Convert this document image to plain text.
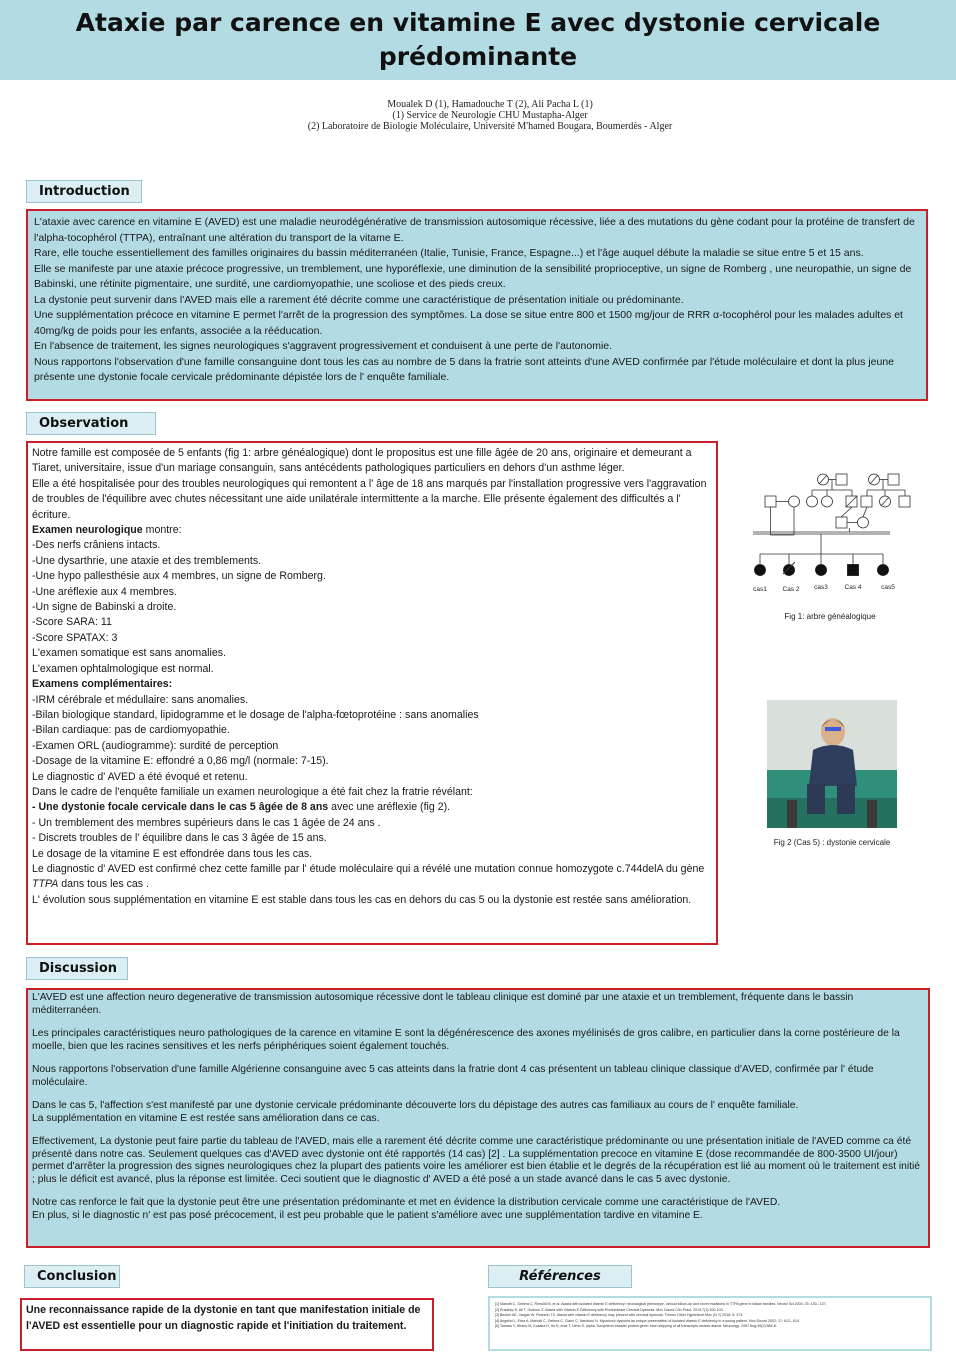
Ataxie par carence en vitamine E avec dystonie cervicale
prédominante
Moualek D (1), Hamadouche T (2), Ali Pacha L (1)
(1) Service de Neurologie CHU Mustapha-Alger
(2) Laboratoire de Biologie Moléculaire, Université M'hamed Bougara, Boumerdès - Alger
Introduction

L'ataxie avec carence en vitamine E (AVED) est une maladie neurodégénérative de transmission autosomique récessive, liée a des mutations du gène codant pour la protéine de transfert de l'alpha-tocophérol (TTPA), entraînant une altération du transport de la vitame E.

Rare, elle touche essentiellement des familles originaires du bassin méditerranéen (Italie, Tunisie, France, Espagne...) et l'âge auquel débute la maladie se situe entre 5 et 15 ans.

Elle se manifeste par une ataxie précoce progressive, un tremblement, une hyporéflexie, une diminution de la sensibilité proprioceptive, un signe de Romberg , une neuropathie, un signe de Babinski, une rétinite pigmentaire, une surdité, une cardiomyopathie, une scoliose et des pieds creux.

La dystonie peut survenir dans l'AVED mais elle a rarement été décrite comme une caractéristique de présentation initiale ou prédominante.

Une supplémentation précoce en vitamine E permet l'arrêt de la progression des symptômes. La dose se situe entre 800 et 1500 mg/jour de RRR α-tocophérol pour les malades adultes et 40mg/kg de poids pour les enfants, associée a la rééducation.

En l'absence de traitement, les signes neurologiques s'aggravent progressivement et conduisent à une perte de l'autonomie.

Nous rapportons l'observation d'une famille consanguine dont tous les cas au nombre de 5 dans la fratrie sont atteints d'une AVED confirmée par l'étude moléculaire et dont la plus jeune présente une dystonie focale cervicale prédominante dépistée lors de l' enquête familiale.

Observation

Notre famille est composée de 5 enfants (fig 1: arbre généalogique) dont le propositus est une fille âgée de 20 ans, originaire et demeurant a Tiaret, universitaire, issue d'un mariage consanguin, sans antécédents pathologiques particuliers en dehors d'un asthme léger.

Elle a été hospitalisée pour des troubles neurologiques qui remontent a l' âge de 18 ans marqués par l'installation progressive vers l'aggravation de troubles de l'équilibre avec chutes nécessitant une aide unilatérale intermittente a la marche. Elle présente également des difficultés a l' écriture.

Examen neurologique montre:

-Des nerfs crâniens intacts.

-Une dysarthrie, une ataxie et des tremblements.

-Une hypo pallesthésie aux 4 membres, un signe de Romberg.

-Une aréflexie aux 4 membres.

-Un signe de Babinski a droite.

-Score SARA: 11

-Score SPATAX: 3

L'examen somatique est sans anomalies.

L'examen ophtalmologique est normal.

Examens complémentaires:

-IRM cérébrale et médullaire: sans anomalies.

-Bilan biologique standard, lipidogramme et le dosage de l'alpha-fœtoprotéine : sans anomalies

-Bilan cardiaque: pas de cardiomyopathie.

-Examen ORL (audiogramme): surdité de perception

-Dosage de la vitamine E: effondré a 0,86 mg/l (normale: 7-15).

Le diagnostic d' AVED a été évoqué et retenu.

Dans le cadre de l'enquête familiale un examen neurologique a été fait chez la fratrie révélant:

- Une dystonie focale cervicale dans le cas 5 âgée de 8 ans avec une aréflexie (fig 2).

- Un tremblement des membres supérieurs dans le cas 1 âgée de 24 ans .

- Discrets troubles de l' équilibre dans le cas 3 âgée de 15 ans.

Le dosage de la vitamine E est effondrée dans tous les cas.

Le diagnostic d' AVED est confirmé chez cette famille par l' étude moléculaire qui a révélé une mutation connue homozygote c.744delA du gène TTPA dans tous les cas .

L' évolution sous supplémentation en vitamine E est stable dans tous les cas en dehors du cas 5 ou la dystonie est restée sans amélioration.

cas1 Cas 2 cas3	Cas 4	cas5
Fig 1: arbre généalogique
Fig 2 (Cas 5) : dystonie cervicale
Discussion

L'AVED est une affection neuro degenerative de transmission autosomique récessive dont le tableau clinique est dominé par une ataxie et un tremblement, fréquente dans le bassin méditerranéen.

Les principales caractéristiques neuro pathologiques de la carence en vitamine E sont la dégénérescence des axones myélinisés de gros calibre, en particulier dans la corne postérieure de la moelle, bien que les racines sensitives et les nerfs périphériques soient également touchés.

Nous rapportons l'observation d'une famille Algérienne consanguine avec 5 cas atteints dans la fratrie dont 4 cas présentent un tableau clinique classique d'AVED, confirmée par l' étude moléculaire.

Dans le cas 5, l'affection s'est manifesté par une dystonie cervicale prédominante découverte lors du dépistage des autres cas familiaux au cours de l' enquête familiale.

La supplémentation en vitamine E est restée sans amélioration dans ce cas.

Effectivement, La dystonie peut faire partie du tableau de l'AVED, mais elle a rarement été décrite comme une caractéristique prédominante ou une présentation initiale de l'AVED comme ca été présenté dans notre cas. Seulement quelques cas d'AVED avec dystonie ont été rapportés (14 cas) [2] . La supplémentation precoce en vitamine E (dose recommandée de 800-3500 UI/jour) permet d'arrêter la progression des signes neurologiques chez la plupart des patients voire les améliorer est bien établie et le degrés de la récupération est lié au moment où le traitement est initié ; plus le déficit est avancé, plus la réponse est limitée. Ceci soutient que le diagnostic d' AVED a été posé a un stade avancé dans le cas 5 avec dystonie.

Notre cas renforce le fait que la dystonie peut être une présentation prédominante et met en évidence la distribution cervicale comme une caractéristique de l'AVED.

En plus, si le diagnostic n' est pas posé précocement, il est peu probable que le patient s'améliore avec une supplémentation tardive en vitamine E.

Conclusion

Une reconnaissance rapide de la dystonie en tant que manifestation initiale de l'AVED est essentielle pour un diagnostic rapide et l'initiation du traitement.

Références

[1] Mariotti C, Gellera C, Rimoldi M, et al. Ataxia with isolated vitamin E deficiency: neurological phenotype, clinical follow-up and novel mutations in TTPA gene in Italian families. Neurol Sci 2004; 25: 130– 137.

[2] Pradeep S, Ali T, Gudiuru Z. Ataxia with Vitamin E Deficiency with Predominant Cervical Dystonia. Mov Disord Clin Pract. 2019;7(1):100-103.

[3] Becker AE, Vargas W, Pearson TS. Ataxia with vitamin E deficiency may present with cervical dystonia. Tremor Other Hyperkinet Mov (N Y) 2016; 6: 374.

[4] Angelini L, Erba A, Mariotti C, Gellera C, Ciano C, Nardocci N. Myoclonic dystonia as unique presentation of isolated vitamin E deficiency in a young patient. Mov Disord 2002; 17: 612– 614

[5] Tamaru Y, Hirano M, Kusaka H, Ito H, Imai T, Ueno S. alpha-Tocopherol transfer protein gene: exon skipping of all transcripts causes ataxia. Neurology. 1997 Aug;49(2):584-8.
